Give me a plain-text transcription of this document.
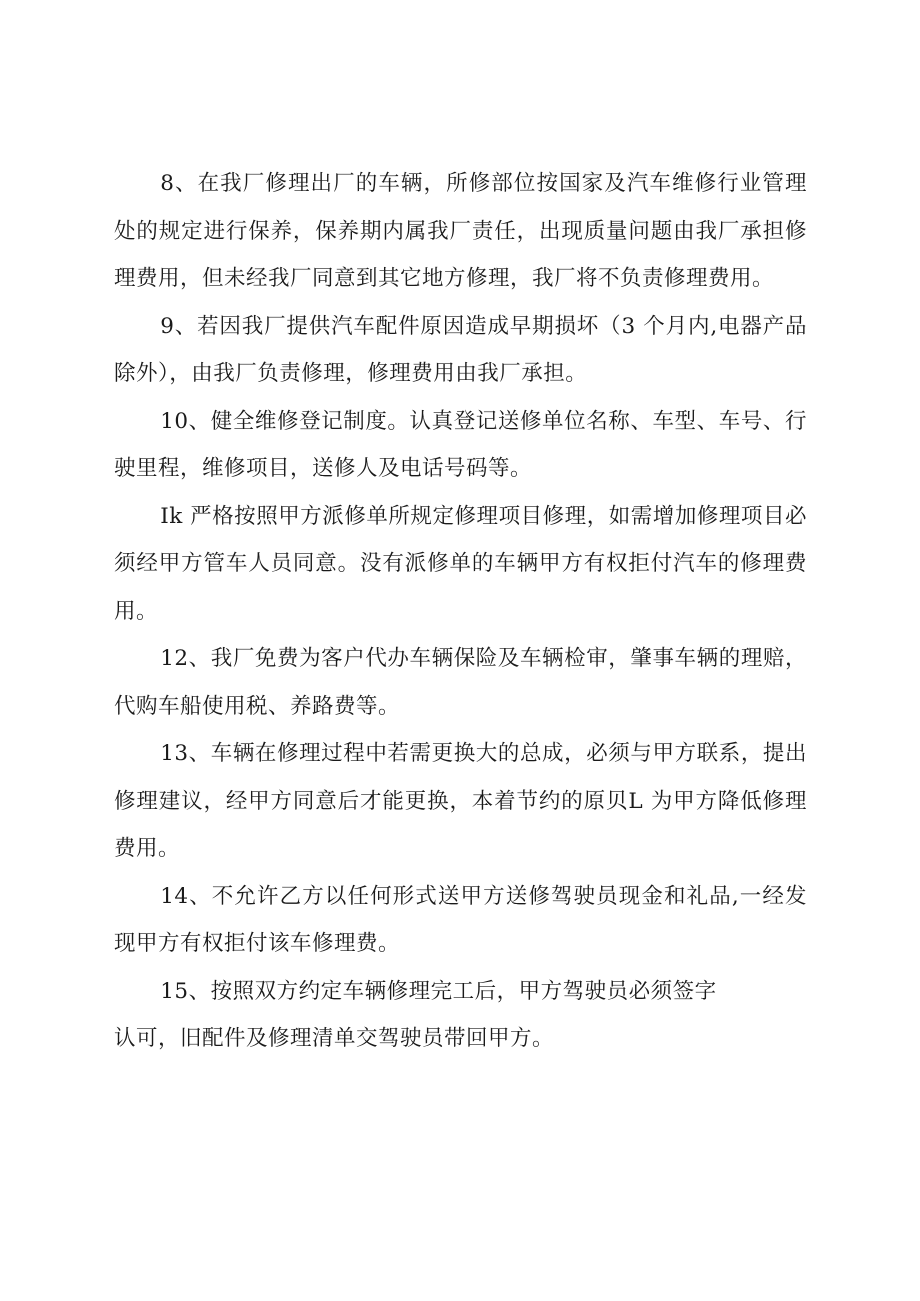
8、在我厂修理出厂的车辆，所修部位按国家及汽车维修行业管理处的规定进行保养，保养期内属我厂责任，出现质量问题由我厂承担修理费用，但未经我厂同意到其它地方修理，我厂将不负责修理费用。

9、若因我厂提供汽车配件原因造成早期损坏（3 个月内,电器产品除外），由我厂负责修理，修理费用由我厂承担。

10、健全维修登记制度。认真登记送修单位名称、车型、车号、行驶里程，维修项目，送修人及电话号码等。

Ik 严格按照甲方派修单所规定修理项目修理，如需增加修理项目必须经甲方管车人员同意。没有派修单的车辆甲方有权拒付汽车的修理费用。

12、我厂免费为客户代办车辆保险及车辆检审，肇事车辆的理赔，代购车船使用税、养路费等。

13、车辆在修理过程中若需更换大的总成，必须与甲方联系，提出修理建议，经甲方同意后才能更换，本着节约的原贝L 为甲方降低修理费用。

14、不允许乙方以任何形式送甲方送修驾驶员现金和礼品,一经发现甲方有权拒付该车修理费。

15、按照双方约定车辆修理完工后，甲方驾驶员必须签字

认可，旧配件及修理清单交驾驶员带回甲方。
